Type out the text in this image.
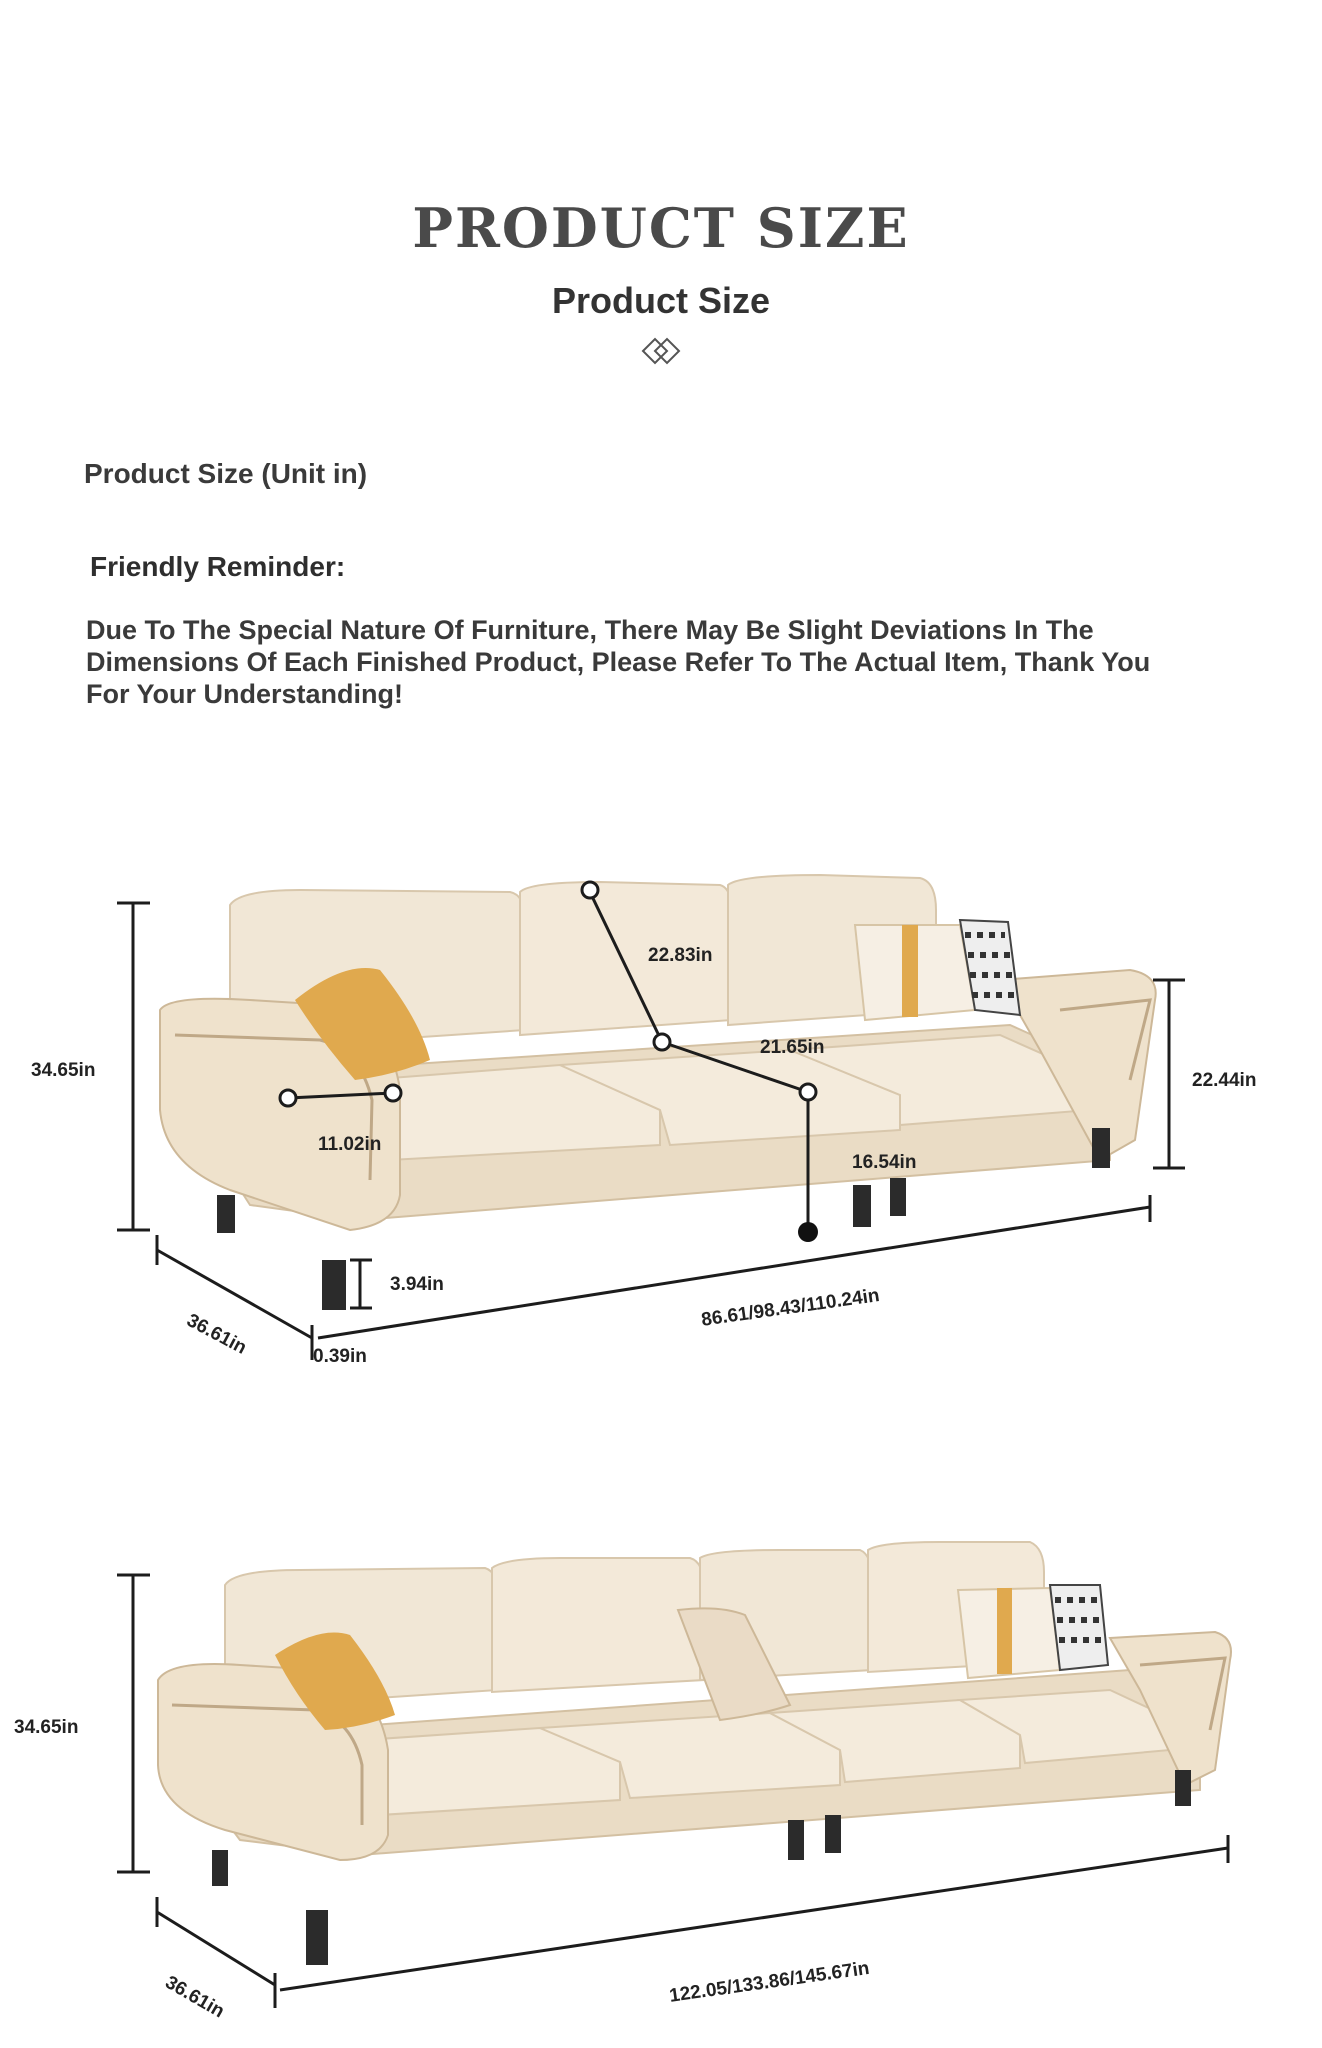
PRODUCT SIZE
Product Size
Product Size (Unit in)
Friendly Reminder:
Due To The Special Nature Of Furniture, There May Be Slight Deviations In The Dimensions Of Each Finished Product, Please Refer To The Actual Item, Thank You For Your Understanding!
34.65in
22.83in
21.65in
11.02in
16.54in
22.44in
3.94in
36.61in	0.39in
86.61/98.43/110.24in
34.65in
36.61in	122.05/133.86/145.67in
